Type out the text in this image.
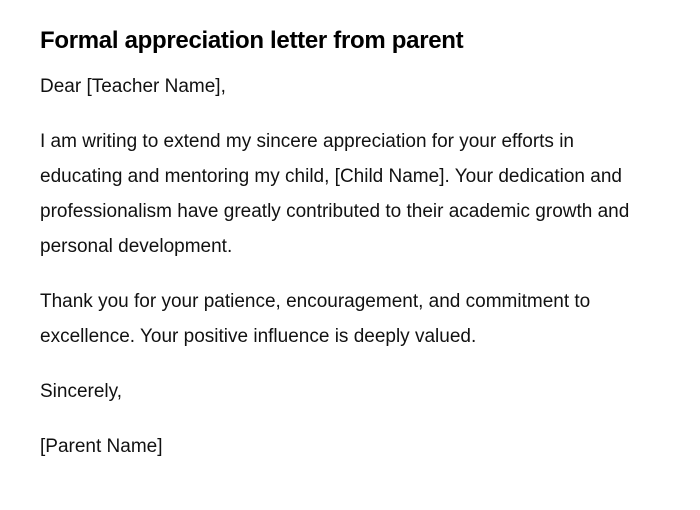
Formal appreciation letter from parent

Dear [Teacher Name],

I am writing to extend my sincere appreciation for your efforts in educating and mentoring my child, [Child Name]. Your dedication and professionalism have greatly contributed to their academic growth and personal development.

Thank you for your patience, encouragement, and commitment to excellence. Your positive influence is deeply valued.

Sincerely,

[Parent Name]
